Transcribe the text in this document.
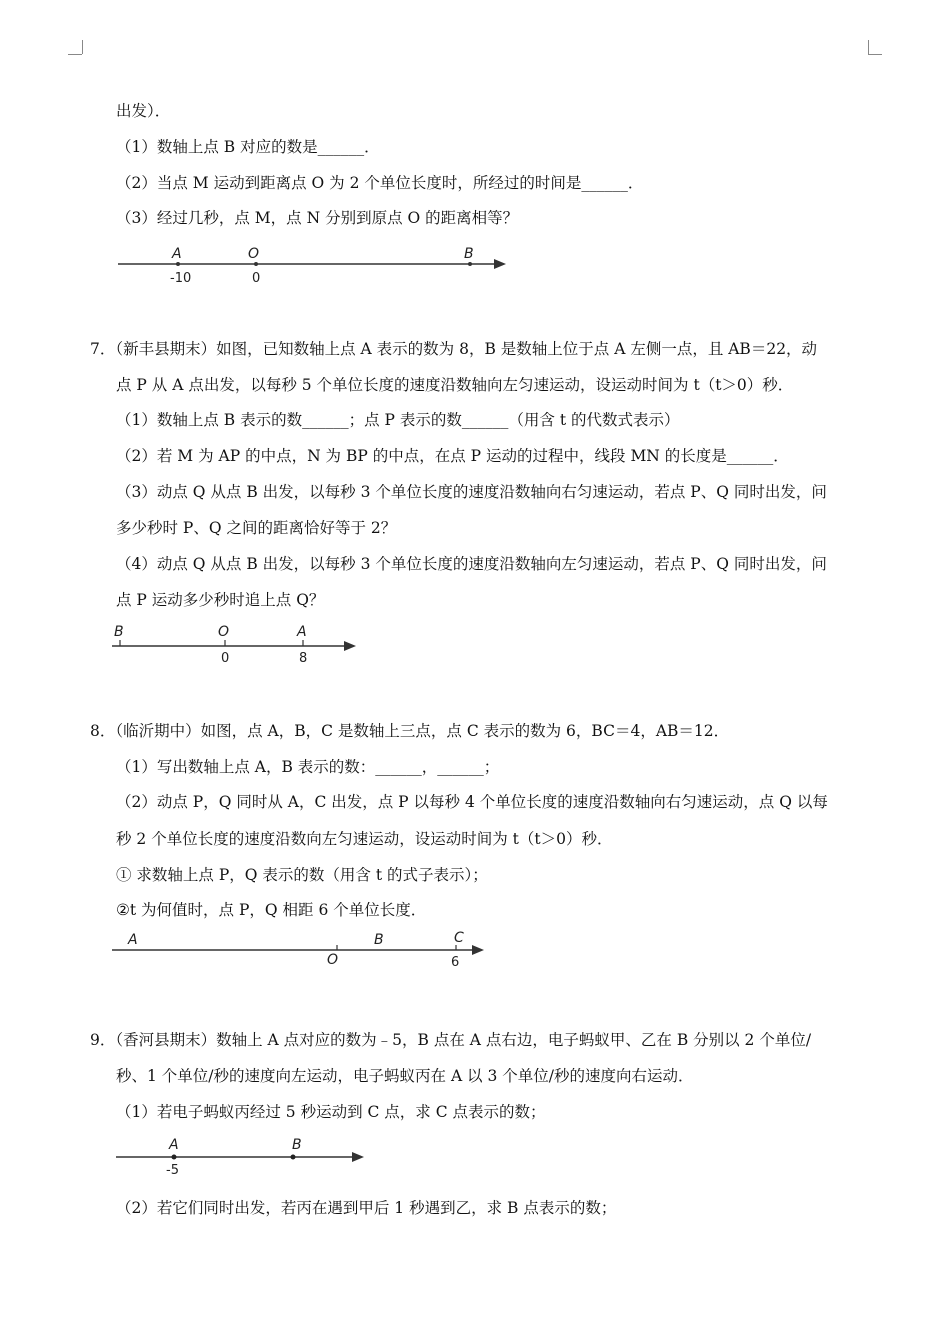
出发）．
（1）数轴上点 B 对应的数是______．
（2）当点 M 运动到距离点 O 为 2 个单位长度时，所经过的时间是______．
（3）经过几秒，点 M，点 N 分别到原点 O 的距离相等？
A	O	B
-10	0
7．（新丰县期末）如图，已知数轴上点 A 表示的数为 8，B 是数轴上位于点 A 左侧一点，且 AB＝22，动
点 P 从 A 点出发，以每秒 5 个单位长度的速度沿数轴向左匀速运动，设运动时间为 t（t＞0）秒．
（1）数轴上点 B 表示的数______；点 P 表示的数______（用含 t 的代数式表示）
（2）若 M 为 AP 的中点，N 为 BP 的中点，在点 P 运动的过程中，线段 MN 的长度是______．
（3）动点 Q 从点 B 出发，以每秒 3 个单位长度的速度沿数轴向右匀速运动，若点 P、Q 同时出发，问
多少秒时 P、Q 之间的距离恰好等于 2？
（4）动点 Q 从点 B 出发，以每秒 3 个单位长度的速度沿数轴向左匀速运动，若点 P、Q 同时出发，问
点 P 运动多少秒时追上点 Q？
B	O	A
0	8
8．（临沂期中）如图，点 A，B，C 是数轴上三点，点 C 表示的数为 6，BC＝4，AB＝12．
（1）写出数轴上点 A，B 表示的数：______，______；
（2）动点 P，Q 同时从 A，C 出发，点 P 以每秒 4 个单位长度的速度沿数轴向右匀速运动，点 Q 以每
秒 2 个单位长度的速度沿数向左匀速运动，设运动时间为 t（t＞0）秒．
① 求数轴上点 P，Q 表示的数（用含 t 的式子表示）；
②t 为何值时，点 P，Q 相距 6 个单位长度．
A	B
O
C
6
9．（香河县期末）数轴上 A 点对应的数为﹣5，B 点在 A 点右边，电子蚂蚁甲、乙在 B 分别以 2 个单位/
秒、1 个单位/秒的速度向左运动，电子蚂蚁丙在 A 以 3 个单位/秒的速度向右运动．
（1）若电子蚂蚁丙经过 5 秒运动到 C 点，求 C 点表示的数；
A	B
-5
（2）若它们同时出发，若丙在遇到甲后 1 秒遇到乙，求 B 点表示的数；
